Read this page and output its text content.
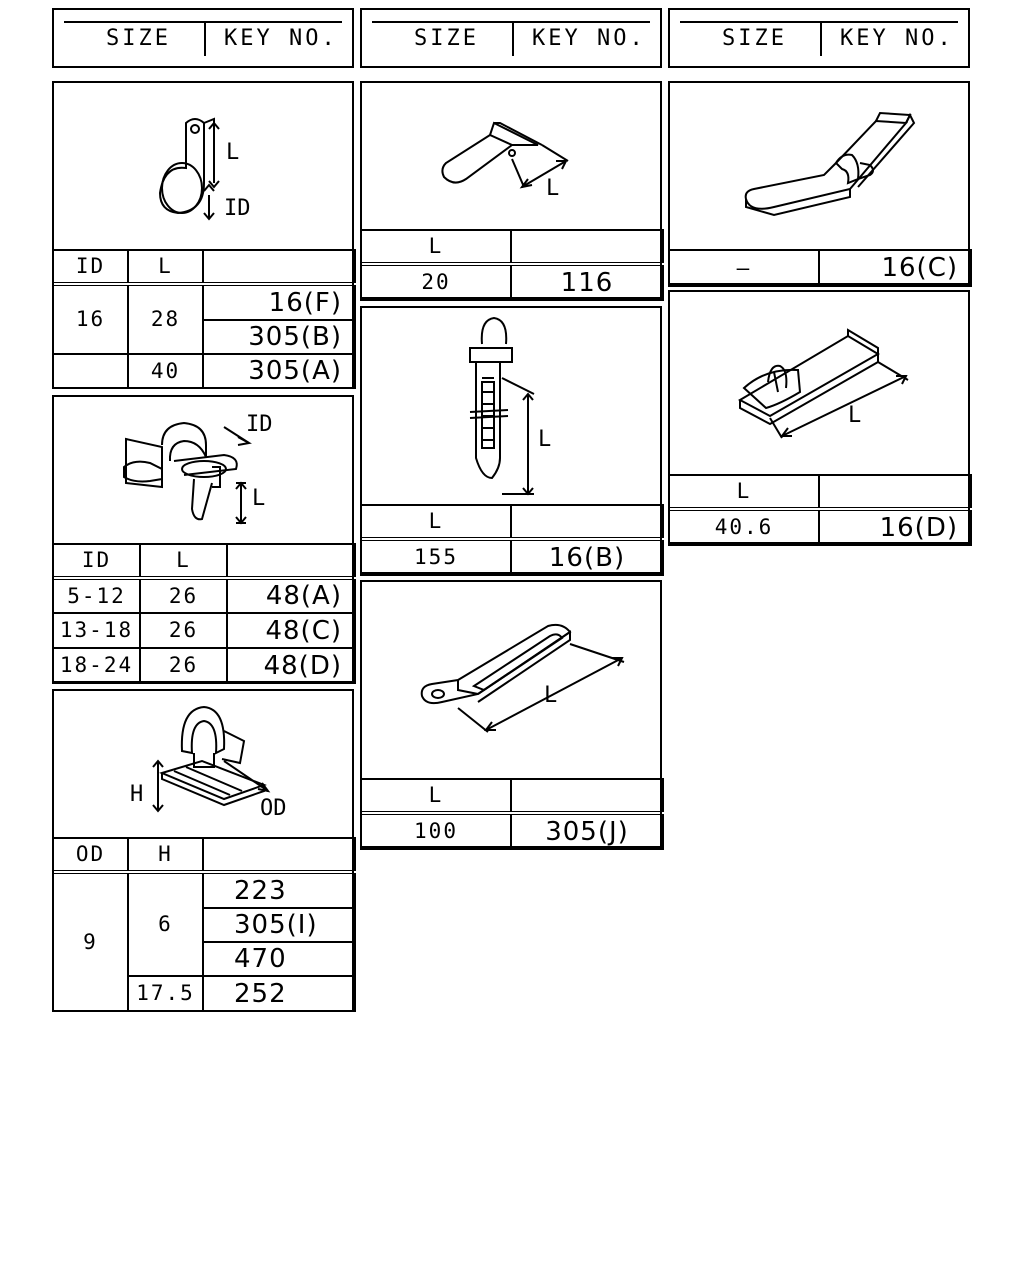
SIZE KEY NO.	SIZE KEY NO.	SIZE KEY NO.
L
ID
ID	L	
16	28	16(F)
		305(B)
	40	305(A)
ID
L
ID	L	
5-12	26	48(A)
13-18	26	48(C)
18-24	26	48(D)
H
OD
OD	H	
9	6	223
		305(I)
		470
	17.5	252
L
L	
20	116
L
L	
155	16(B)
L
L	
100	305(J)
—	16(C)
L
L	
40.6	16(D)
